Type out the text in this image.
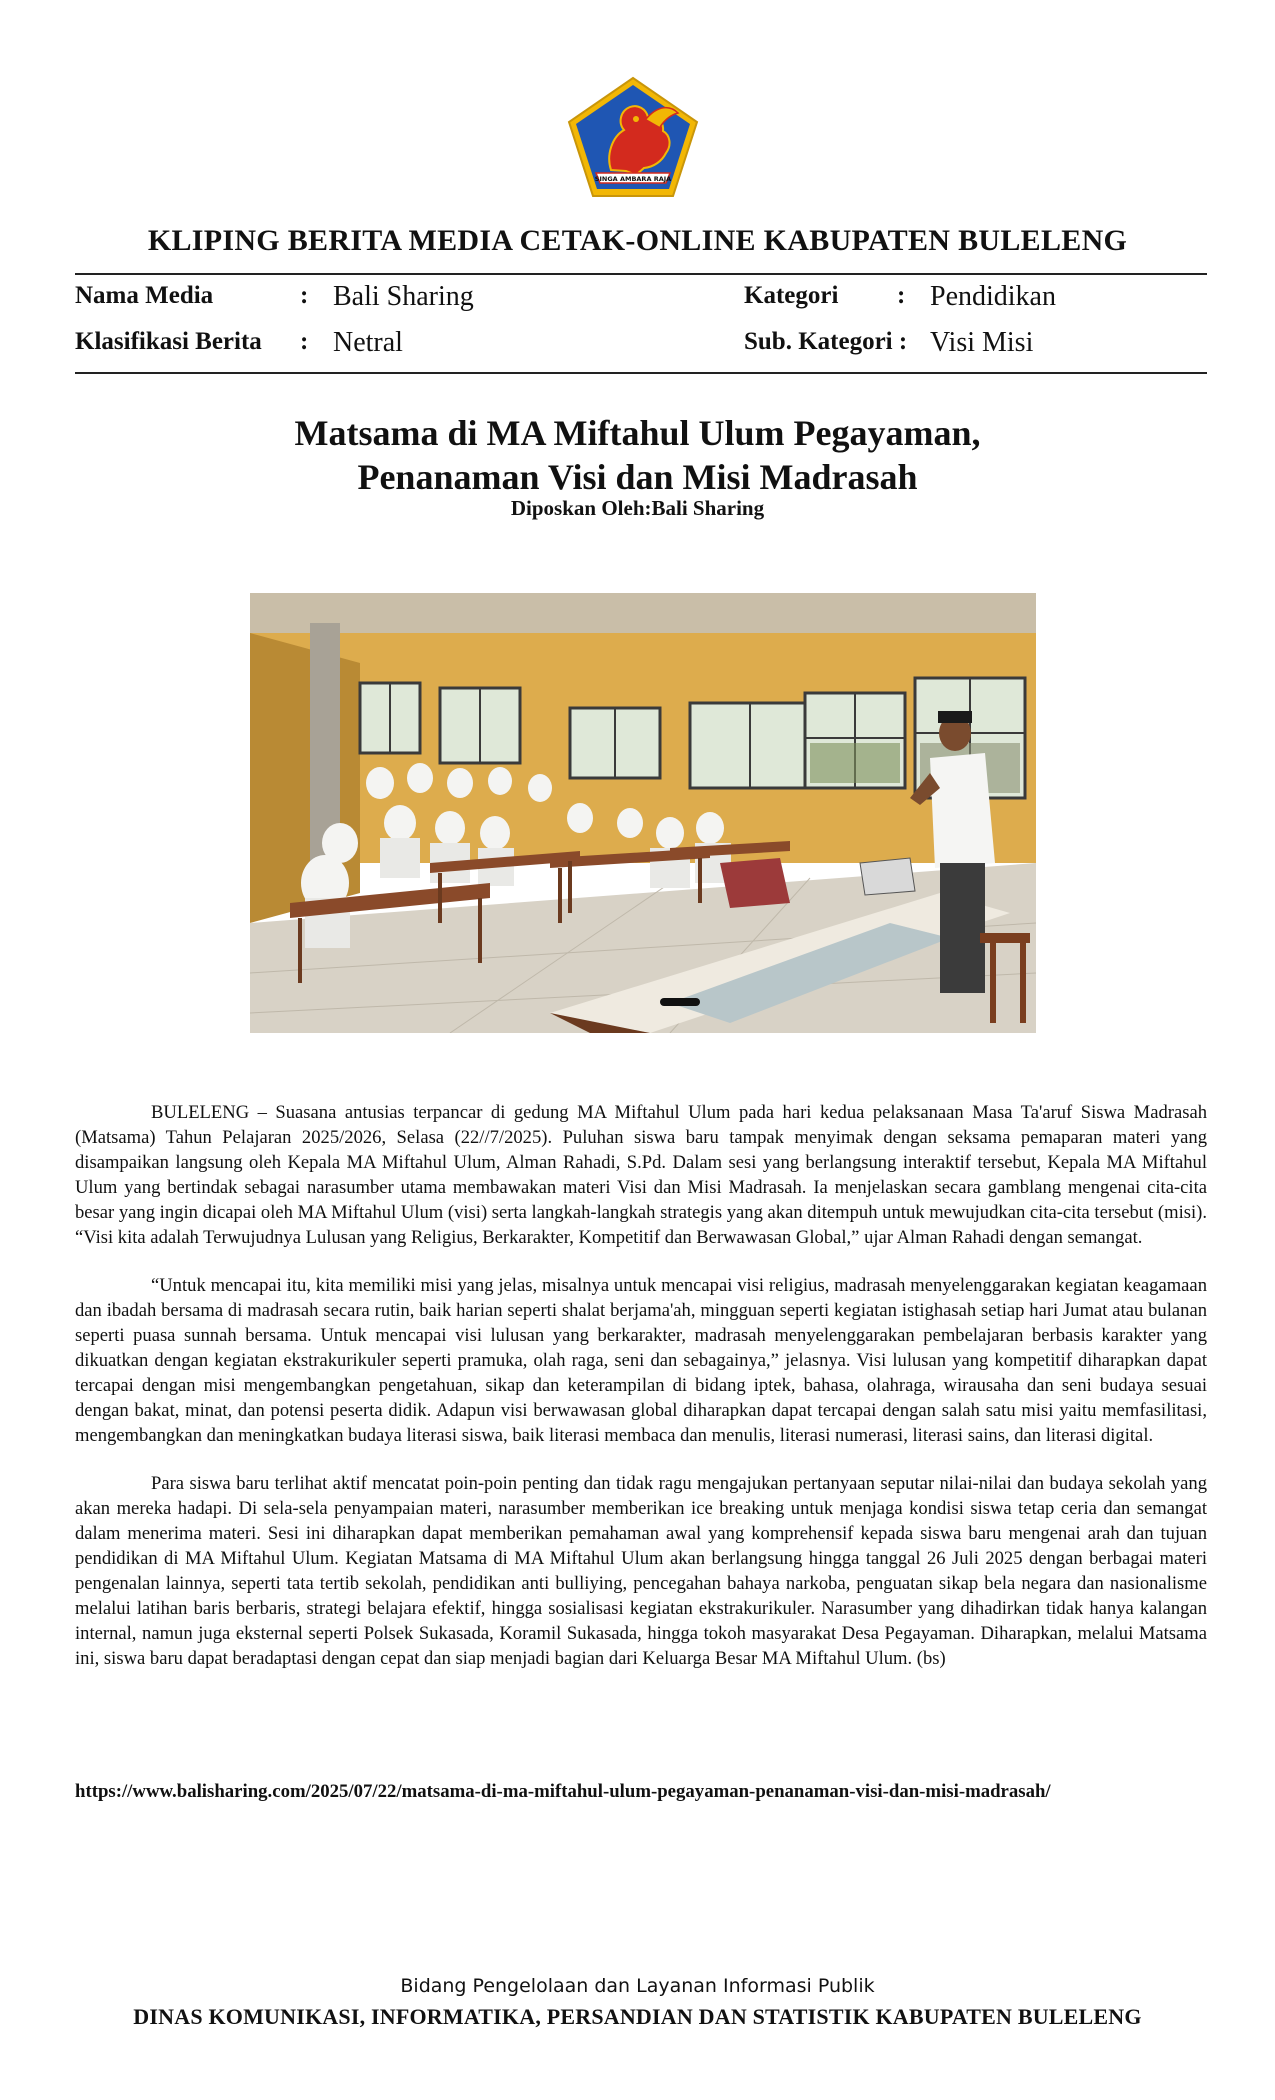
SINGA AMBARA RAJA
KLIPING BERITA MEDIA CETAK-ONLINE KABUPATEN BULELENG
Nama Media	: Bali Sharing	Kategori : Pendidikan
Klasifikasi Berita : Netral	Sub. Kategori : Visi Misi
Matsama di MA Miftahul Ulum Pegayaman,
Penanaman Visi dan Misi Madrasah
Diposkan Oleh:Bali Sharing

BULELENG – Suasana antusias terpancar di gedung MA Miftahul Ulum pada hari kedua pelaksanaan Masa Ta'aruf Siswa Madrasah (Matsama) Tahun Pelajaran 2025/2026, Selasa (22//7/2025). Puluhan siswa baru tampak menyimak dengan seksama pemaparan materi yang disampaikan langsung oleh Kepala MA Miftahul Ulum, Alman Rahadi, S.Pd. Dalam sesi yang berlangsung interaktif tersebut, Kepala MA Miftahul Ulum yang bertindak sebagai narasumber utama membawakan materi Visi dan Misi Madrasah. Ia menjelaskan secara gamblang mengenai cita-cita besar yang ingin dicapai oleh MA Miftahul Ulum (visi) serta langkah-langkah strategis yang akan ditempuh untuk mewujudkan cita-cita tersebut (misi). “Visi kita adalah Terwujudnya Lulusan yang Religius, Berkarakter, Kompetitif dan Berwawasan Global,” ujar Alman Rahadi dengan semangat.

“Untuk mencapai itu, kita memiliki misi yang jelas, misalnya untuk mencapai visi religius, madrasah menyelenggarakan kegiatan keagamaan dan ibadah bersama di madrasah secara rutin, baik harian seperti shalat berjama'ah, mingguan seperti kegiatan istighasah setiap hari Jumat atau bulanan seperti puasa sunnah bersama. Untuk mencapai visi lulusan yang berkarakter, madrasah menyelenggarakan pembelajaran berbasis karakter yang dikuatkan dengan kegiatan ekstrakurikuler seperti pramuka, olah raga, seni dan sebagainya,” jelasnya. Visi lulusan yang kompetitif diharapkan dapat tercapai dengan misi mengembangkan pengetahuan, sikap dan keterampilan di bidang iptek, bahasa, olahraga, wirausaha dan seni budaya sesuai dengan bakat, minat, dan potensi peserta didik. Adapun visi berwawasan global diharapkan dapat tercapai dengan salah satu misi yaitu memfasilitasi, mengembangkan dan meningkatkan budaya literasi siswa, baik literasi membaca dan menulis, literasi numerasi, literasi sains, dan literasi digital.

Para siswa baru terlihat aktif mencatat poin-poin penting dan tidak ragu mengajukan pertanyaan seputar nilai-nilai dan budaya sekolah yang akan mereka hadapi. Di sela-sela penyampaian materi, narasumber memberikan ice breaking untuk menjaga kondisi siswa tetap ceria dan semangat dalam menerima materi. Sesi ini diharapkan dapat memberikan pemahaman awal yang komprehensif kepada siswa baru mengenai arah dan tujuan pendidikan di MA Miftahul Ulum. Kegiatan Matsama di MA Miftahul Ulum akan berlangsung hingga tanggal 26 Juli 2025 dengan berbagai materi pengenalan lainnya, seperti tata tertib sekolah, pendidikan anti bulliying, pencegahan bahaya narkoba, penguatan sikap bela negara dan nasionalisme melalui latihan baris berbaris, strategi belajara efektif, hingga sosialisasi kegiatan ekstrakurikuler. Narasumber yang dihadirkan tidak hanya kalangan internal, namun juga eksternal seperti Polsek Sukasada, Koramil Sukasada, hingga tokoh masyarakat Desa Pegayaman. Diharapkan, melalui Matsama ini, siswa baru dapat beradaptasi dengan cepat dan siap menjadi bagian dari Keluarga Besar MA Miftahul Ulum. (bs)

https://www.balisharing.com/2025/07/22/matsama-di-ma-miftahul-ulum-pegayaman-penanaman-visi-dan-misi-madrasah/
Bidang Pengelolaan dan Layanan Informasi Publik
DINAS KOMUNIKASI, INFORMATIKA, PERSANDIAN DAN STATISTIK KABUPATEN BULELENG
